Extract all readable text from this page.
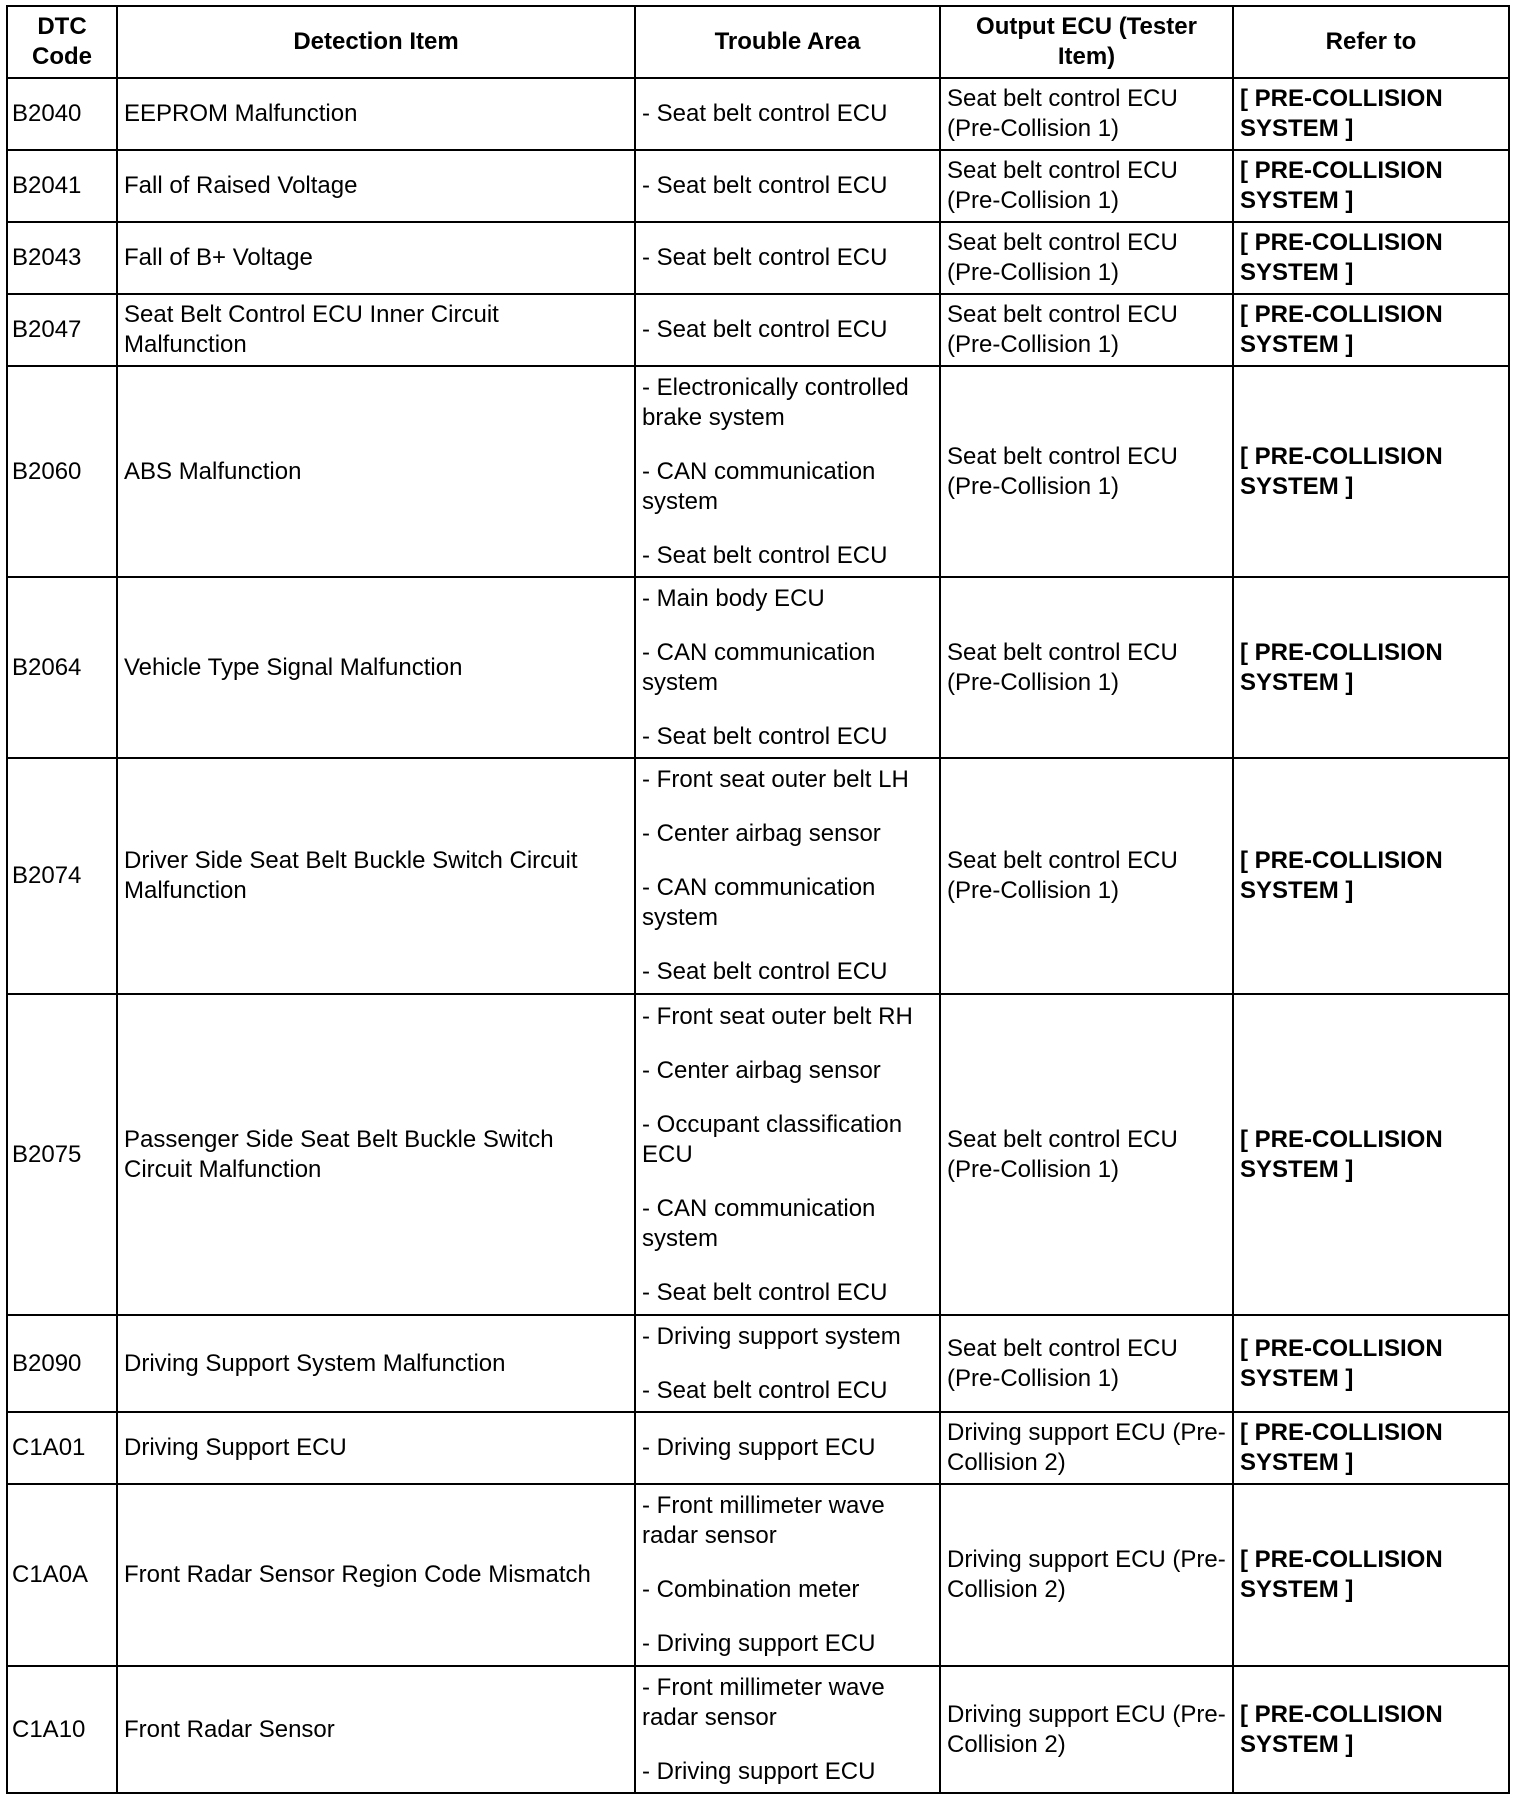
DTC Code	Detection Item	Trouble Area	Output ECU (Tester Item)	Refer to
B2040	EEPROM Malfunction	- Seat belt control ECU	Seat belt control ECU (Pre-Collision 1)	[ PRE-COLLISION SYSTEM ]

B2041	Fall of Raised Voltage	- Seat belt control ECU	Seat belt control ECU (Pre-Collision 1)	[ PRE-COLLISION SYSTEM ]

B2043	Fall of B+ Voltage	- Seat belt control ECU	Seat belt control ECU (Pre-Collision 1)	[ PRE-COLLISION SYSTEM ]

B2047	Seat Belt Control ECU Inner Circuit Malfunction	- Seat belt control ECU	Seat belt control ECU (Pre-Collision 1)	[ PRE-COLLISION SYSTEM ]

B2060	ABS Malfunction	- Electronically controlled brake system
- CAN communication system
- Seat belt control ECU	Seat belt control ECU (Pre-Collision 1)	[ PRE-COLLISION SYSTEM ]

B2064	Vehicle Type Signal Malfunction	- Main body ECU
- CAN communication system
- Seat belt control ECU	Seat belt control ECU (Pre-Collision 1)	[ PRE-COLLISION SYSTEM ]

B2074	Driver Side Seat Belt Buckle Switch Circuit Malfunction	- Front seat outer belt LH
- Center airbag sensor
- CAN communication system
- Seat belt control ECU	Seat belt control ECU (Pre-Collision 1)	[ PRE-COLLISION SYSTEM ]

B2075	Passenger Side Seat Belt Buckle Switch Circuit Malfunction	- Front seat outer belt RH
- Center airbag sensor
- Occupant classification ECU
- CAN communication system
- Seat belt control ECU	Seat belt control ECU (Pre-Collision 1)	[ PRE-COLLISION SYSTEM ]

B2090	Driving Support System Malfunction	- Driving support system
- Seat belt control ECU	Seat belt control ECU (Pre-Collision 1)	[ PRE-COLLISION SYSTEM ]

C1A01	Driving Support ECU	- Driving support ECU	Driving support ECU (Pre-Collision 2)	[ PRE-COLLISION SYSTEM ]

C1A0A	Front Radar Sensor Region Code Mismatch	- Front millimeter wave radar sensor
- Combination meter
- Driving support ECU	Driving support ECU (Pre-Collision 2)	[ PRE-COLLISION SYSTEM ]

C1A10	Front Radar Sensor	- Front millimeter wave radar sensor
- Driving support ECU	Driving support ECU (Pre-Collision 2)	[ PRE-COLLISION SYSTEM ]
